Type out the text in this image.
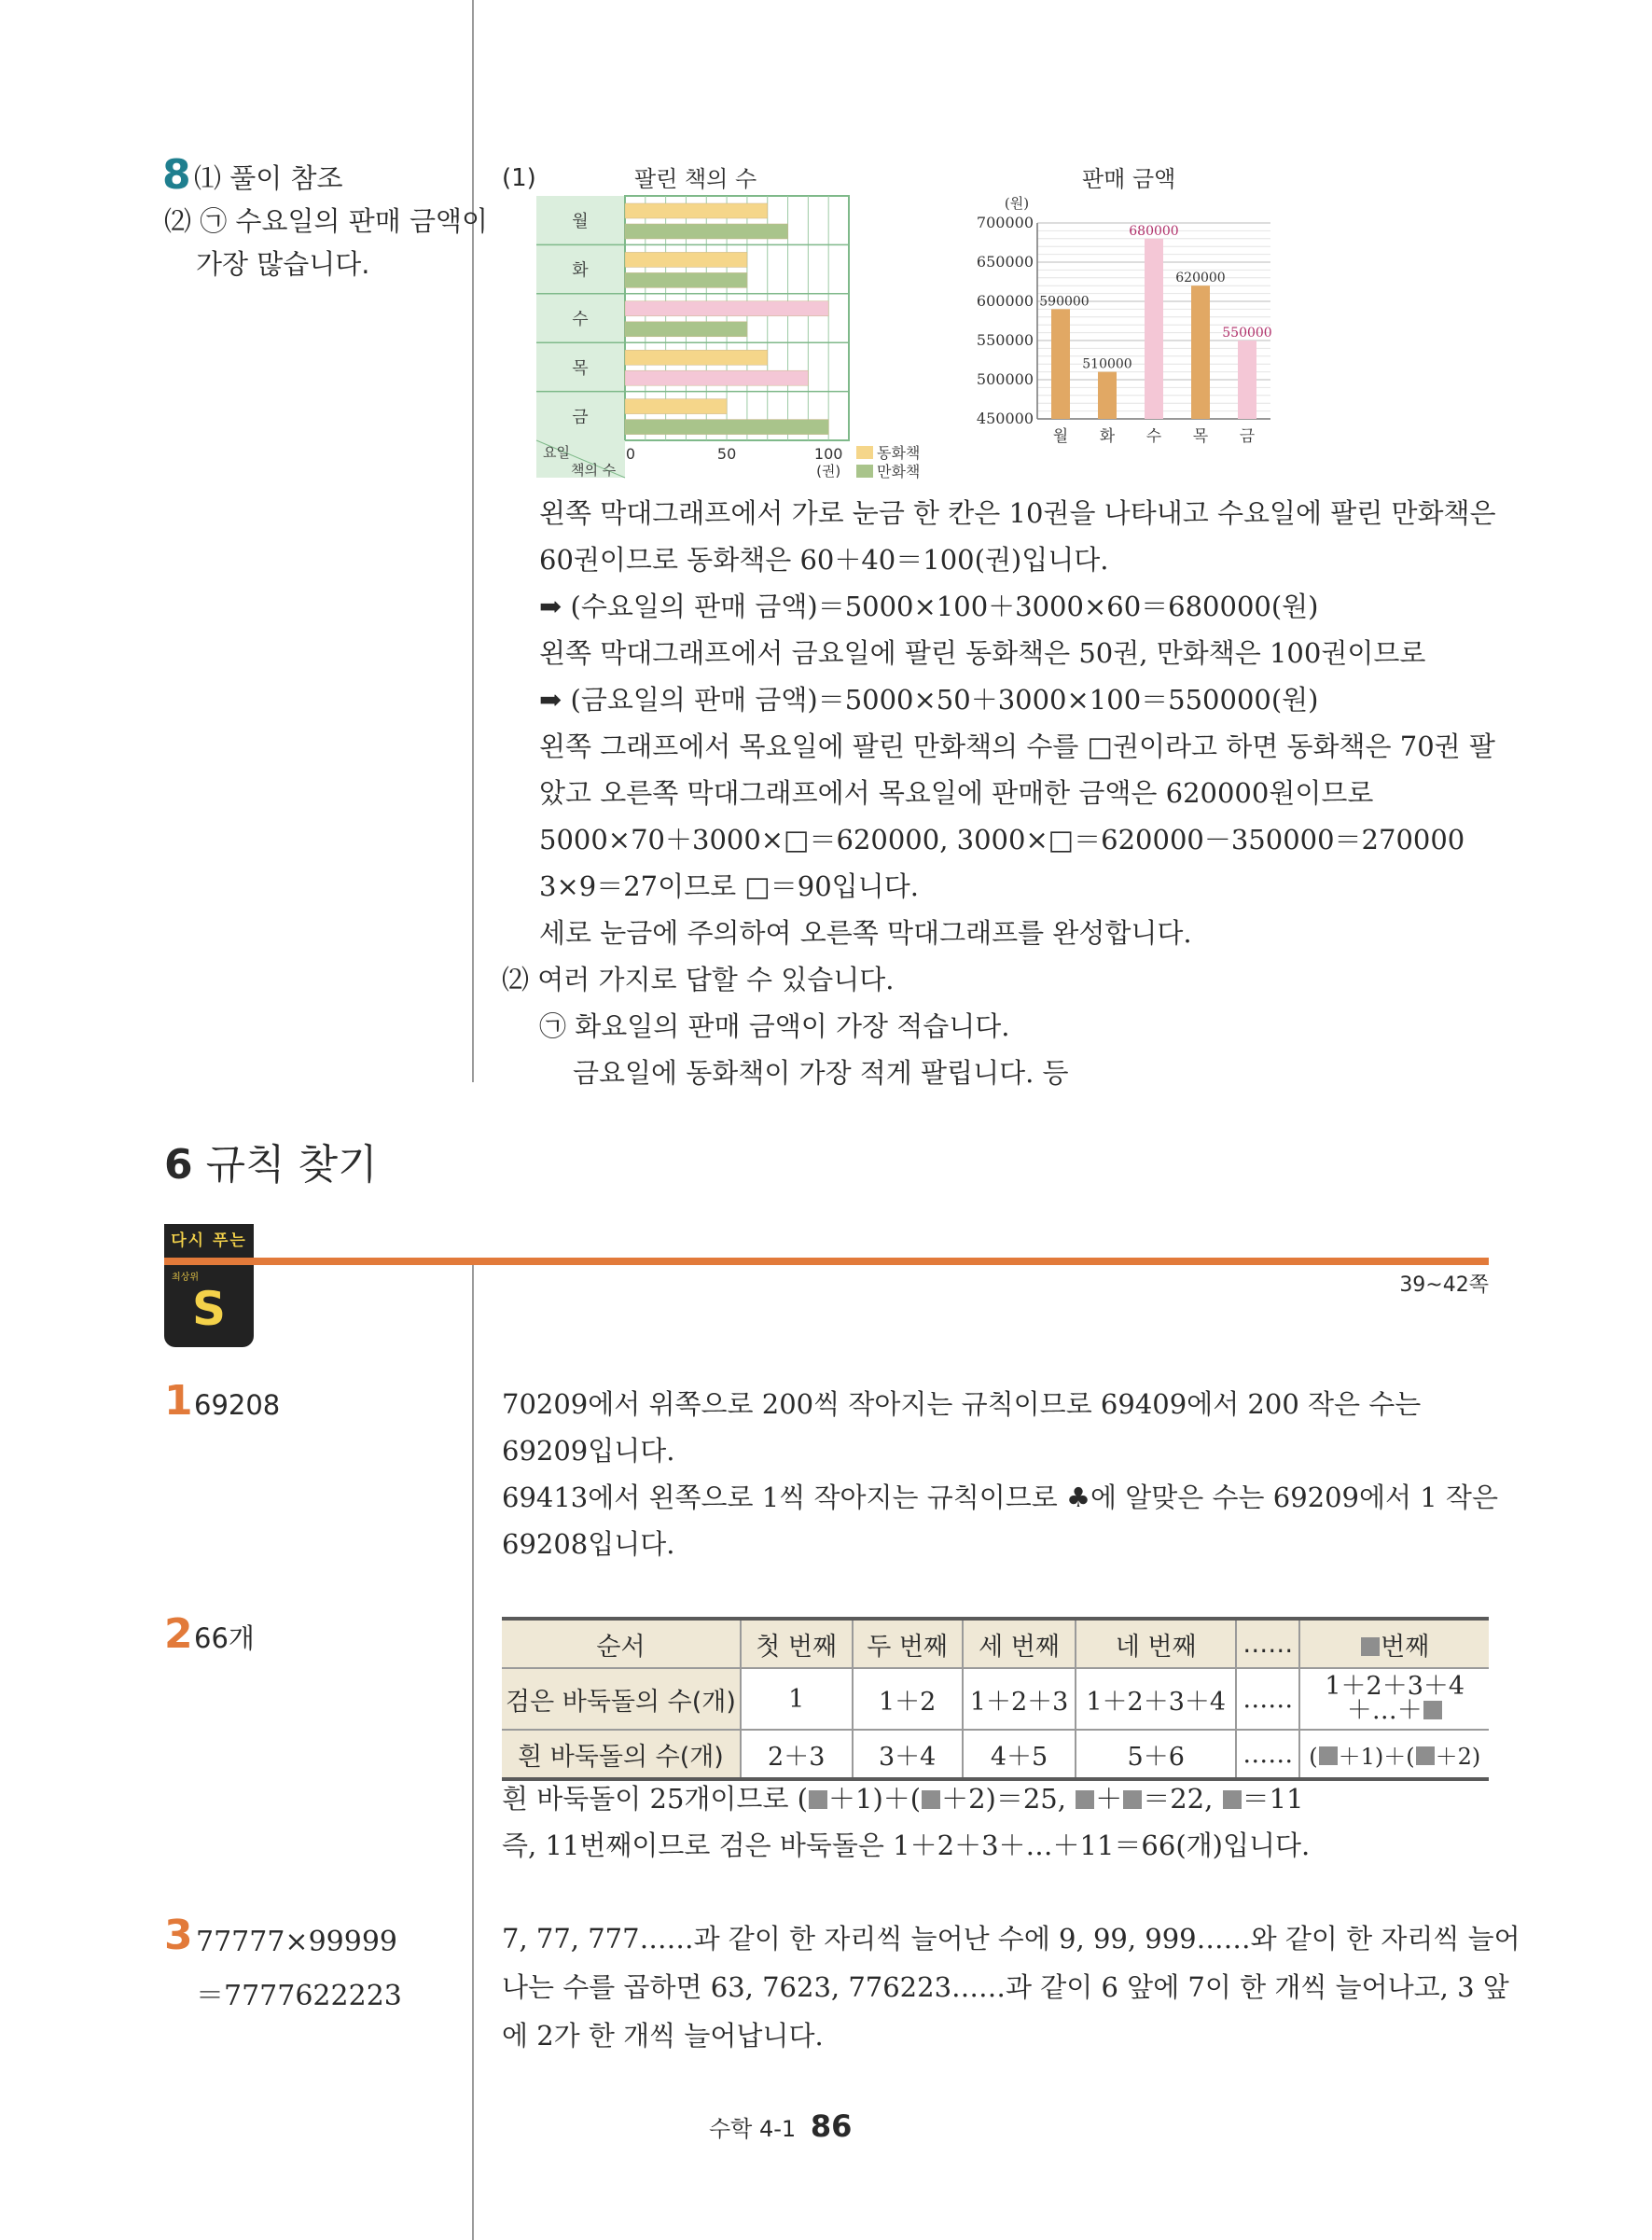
8 ⑴ 풀이 참조
⑵ ㉠ 수요일의 판매 금액이
가장 많습니다.
(1)	팔린 책의 수
월
화
수
목
금
요일
책의 수
0	50	100
(권)
동화책
만화책
판매 금액
(원)
700000
650000
600000
550000
500000
450000
590000
월
510000
화
680000
수
620000
목
550000
금

왼쪽 막대그래프에서 가로 눈금 한 칸은 10권을 나타내고 수요일에 팔린 만화책은

60권이므로 동화책은 60＋40＝100(권)입니다.

➡ (수요일의 판매 금액)＝5000×100＋3000×60＝680000(원)

왼쪽 막대그래프에서 금요일에 팔린 동화책은 50권, 만화책은 100권이므로

➡ (금요일의 판매 금액)＝5000×50＋3000×100＝550000(원)

왼쪽 그래프에서 목요일에 팔린 만화책의 수를 □권이라고 하면 동화책은 70권 팔

았고 오른쪽 막대그래프에서 목요일에 판매한 금액은 620000원이므로

5000×70＋3000×□＝620000, 3000×□＝620000－350000＝270000

3×9＝27이므로 □＝90입니다.

세로 눈금에 주의하여 오른쪽 막대그래프를 완성합니다.

⑵ 여러 가지로 답할 수 있습니다.

㉠ 화요일의 판매 금액이 가장 적습니다.

금요일에 동화책이 가장 적게 팔립니다. 등

6 규칙 찾기
다시 푸는
최상위
S	39~42쪽
1 69208	70209에서 위쪽으로 200씩 작아지는 규칙이므로 69409에서 200 작은 수는

69209입니다.

69413에서 왼쪽으로 1씩 작아지는 규칙이므로 ♣에 알맞은 수는 69209에서 1 작은

69208입니다.

2 66개	순서	첫 번째	두 번째	세 번째	네 번째	……	번째
검은 바둑돌의 수(개)	1	1＋2	1＋2＋3	1＋2＋3＋4	……	1＋2＋3＋4
＋…＋

흰 바둑돌의 수(개)	2＋3	3＋4	4＋5	5＋6	……	( ＋1)＋( ＋2)

흰 바둑돌이 25개이므로 ( ＋1)＋( ＋2)＝25, ＋ ＝22, ＝11

즉, 11번째이므로 검은 바둑돌은 1＋2＋3＋…＋11＝66(개)입니다.

3 77777×99999
＝7777622223

7, 77, 777……과 같이 한 자리씩 늘어난 수에 9, 99, 999……와 같이 한 자리씩 늘어

나는 수를 곱하면 63, 7623, 776223……과 같이 6 앞에 7이 한 개씩 늘어나고, 3 앞

에 2가 한 개씩 늘어납니다.

수학 4-1 86
